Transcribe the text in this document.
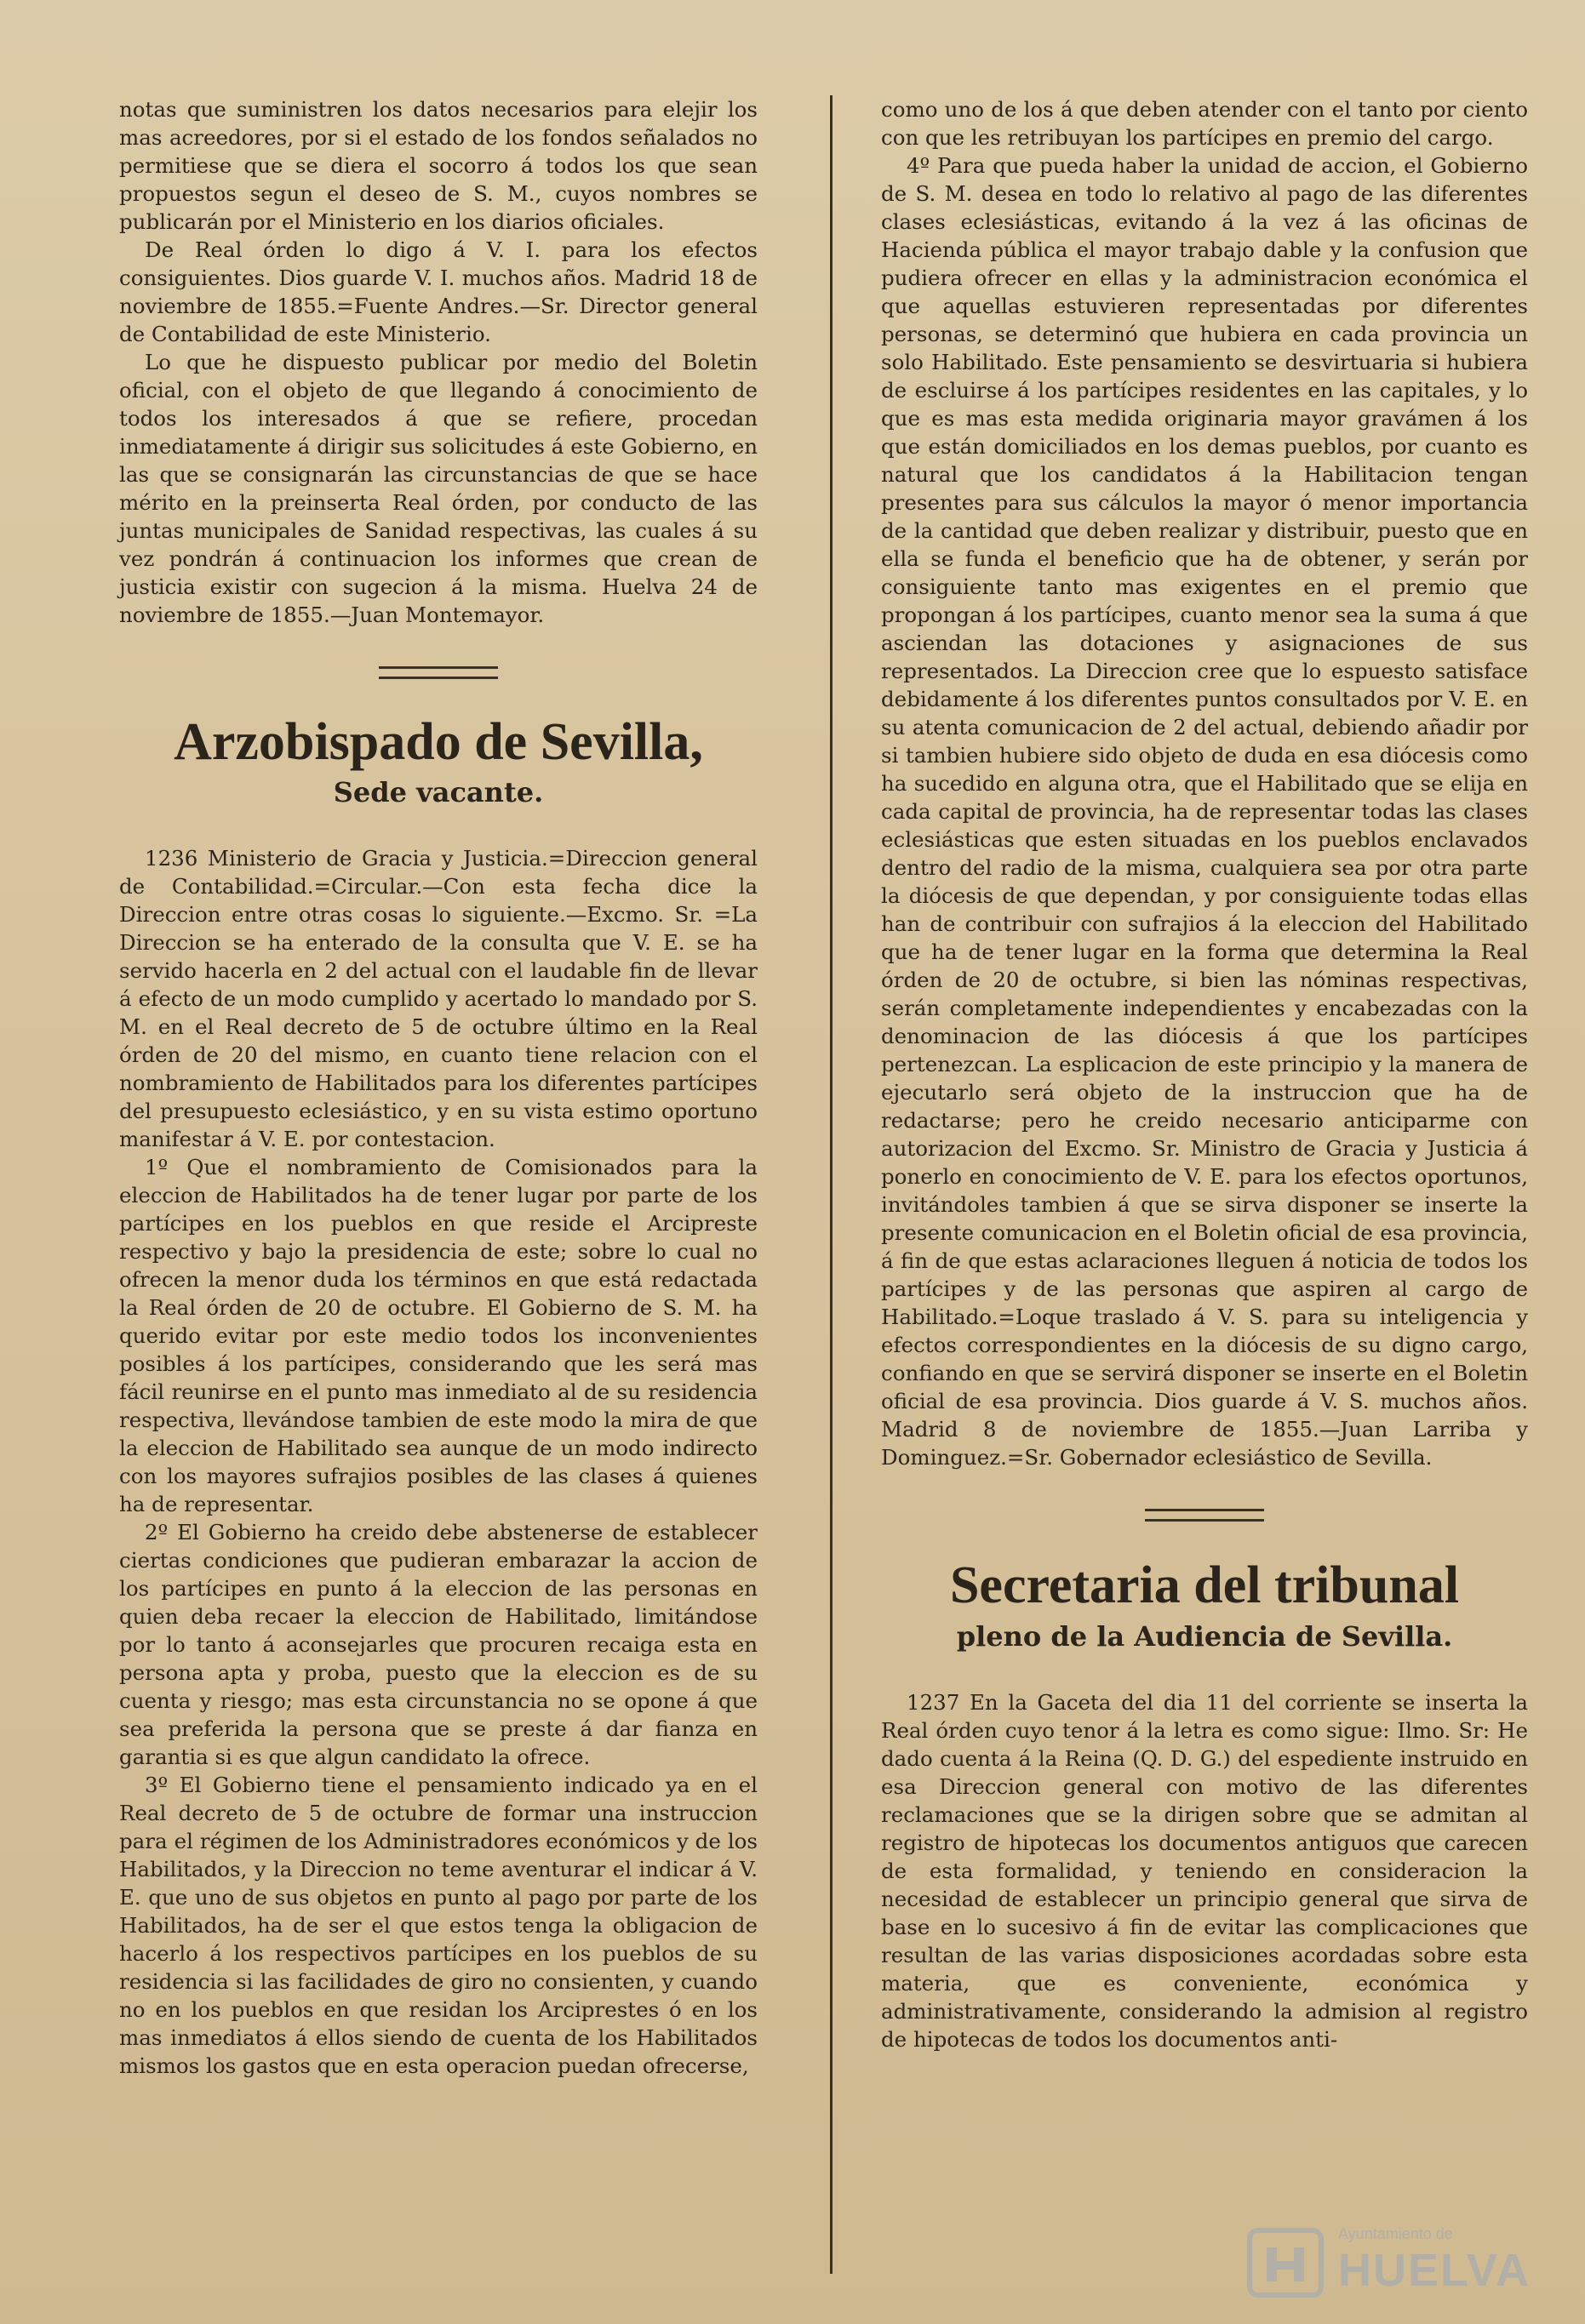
notas que suministren los datos necesarios para elejir los mas acreedores, por si el estado de los fondos señalados no permitiese que se diera el socorro á todos los que sean propuestos segun el deseo de S. M., cuyos nombres se publicarán por el Ministerio en los diarios oficiales.

De Real órden lo digo á V. I. para los efectos consiguientes. Dios guarde V. I. muchos años. Madrid 18 de noviembre de 1855.=Fuente Andres.—Sr. Director general de Contabilidad de este Ministerio.

Lo que he dispuesto publicar por medio del Boletin oficial, con el objeto de que llegando á conocimiento de todos los interesados á que se refiere, procedan inmediatamente á dirigir sus solicitudes á este Gobierno, en las que se consignarán las circunstancias de que se hace mérito en la preinserta Real órden, por conducto de las juntas municipales de Sanidad respectivas, las cuales á su vez pondrán á continuacion los informes que crean de justicia existir con sugecion á la misma. Huelva 24 de noviembre de 1855.—Juan Montemayor.

Arzobispado de Sevilla,
Sede vacante.

1236 Ministerio de Gracia y Justicia.=Direccion general de Contabilidad.=Circular.—Con esta fecha dice la Direccion entre otras cosas lo siguiente.—Excmo. Sr. =La Direccion se ha enterado de la consulta que V. E. se ha servido hacerla en 2 del actual con el laudable fin de llevar á efecto de un modo cumplido y acertado lo mandado por S. M. en el Real decreto de 5 de octubre último en la Real órden de 20 del mismo, en cuanto tiene relacion con el nombramiento de Habilitados para los diferentes partícipes del presupuesto eclesiástico, y en su vista estimo oportuno manifestar á V. E. por contestacion.

1º Que el nombramiento de Comisionados para la eleccion de Habilitados ha de tener lugar por parte de los partícipes en los pueblos en que reside el Arcipreste respectivo y bajo la presidencia de este; sobre lo cual no ofrecen la menor duda los términos en que está redactada la Real órden de 20 de octubre. El Gobierno de S. M. ha querido evitar por este medio todos los inconvenientes posibles á los partícipes, considerando que les será mas fácil reunirse en el punto mas inmediato al de su residencia respectiva, llevándose tambien de este modo la mira de que la eleccion de Habilitado sea aunque de un modo indirecto con los mayores sufrajios posibles de las clases á quienes ha de representar.

2º El Gobierno ha creido debe abstenerse de establecer ciertas condiciones que pudieran embarazar la accion de los partícipes en punto á la eleccion de las personas en quien deba recaer la eleccion de Habilitado, limitándose por lo tanto á aconsejarles que procuren recaiga esta en persona apta y proba, puesto que la eleccion es de su cuenta y riesgo; mas esta circunstancia no se opone á que sea preferida la persona que se preste á dar fianza en garantia si es que algun candidato la ofrece.

3º El Gobierno tiene el pensamiento indicado ya en el Real decreto de 5 de octubre de formar una instruccion para el régimen de los Administradores económicos y de los Habilitados, y la Direccion no teme aventurar el indicar á V. E. que uno de sus objetos en punto al pago por parte de los Habilitados, ha de ser el que estos tenga la obligacion de hacerlo á los respectivos partícipes en los pueblos de su residencia si las facilidades de giro no consienten, y cuando no en los pueblos en que residan los Arciprestes ó en los mas inmediatos á ellos siendo de cuenta de los Habilitados mismos los gastos que en esta operacion puedan ofrecerse,

como uno de los á que deben atender con el tanto por ciento con que les retribuyan los partícipes en premio del cargo.

4º Para que pueda haber la unidad de accion, el Gobierno de S. M. desea en todo lo relativo al pago de las diferentes clases eclesiásticas, evitando á la vez á las oficinas de Hacienda pública el mayor trabajo dable y la confusion que pudiera ofrecer en ellas y la administracion económica el que aquellas estuvieren representadas por diferentes personas, se determinó que hubiera en cada provincia un solo Habilitado. Este pensamiento se desvirtuaria si hubiera de escluirse á los partícipes residentes en las capitales, y lo que es mas esta medida originaria mayor gravámen á los que están domiciliados en los demas pueblos, por cuanto es natural que los candidatos á la Habilitacion tengan presentes para sus cálculos la mayor ó menor importancia de la cantidad que deben realizar y distribuir, puesto que en ella se funda el beneficio que ha de obtener, y serán por consiguiente tanto mas exigentes en el premio que propongan á los partícipes, cuanto menor sea la suma á que asciendan las dotaciones y asignaciones de sus representados. La Direccion cree que lo espuesto satisface debidamente á los diferentes puntos consultados por V. E. en su atenta comunicacion de 2 del actual, debiendo añadir por si tambien hubiere sido objeto de duda en esa diócesis como ha sucedido en alguna otra, que el Habilitado que se elija en cada capital de provincia, ha de representar todas las clases eclesiásticas que esten situadas en los pueblos enclavados dentro del radio de la misma, cualquiera sea por otra parte la diócesis de que dependan, y por consiguiente todas ellas han de contribuir con sufrajios á la eleccion del Habilitado que ha de tener lugar en la forma que determina la Real órden de 20 de octubre, si bien las nóminas respectivas, serán completamente independientes y encabezadas con la denominacion de las diócesis á que los partícipes pertenezcan. La esplicacion de este principio y la manera de ejecutarlo será objeto de la instruccion que ha de redactarse; pero he creido necesario anticiparme con autorizacion del Excmo. Sr. Ministro de Gracia y Justicia á ponerlo en conocimiento de V. E. para los efectos oportunos, invitándoles tambien á que se sirva disponer se inserte la presente comunicacion en el Boletin oficial de esa provincia, á fin de que estas aclaraciones lleguen á noticia de todos los partícipes y de las personas que aspiren al cargo de Habilitado.=Loque traslado á V. S. para su inteligencia y efectos correspondientes en la diócesis de su digno cargo, confiando en que se servirá disponer se inserte en el Boletin oficial de esa provincia. Dios guarde á V. S. muchos años. Madrid 8 de noviembre de 1855.—Juan Larriba y Dominguez.=Sr. Gobernador eclesiástico de Sevilla.

Secretaria del tribunal
pleno de la Audiencia de Sevilla.

1237 En la Gaceta del dia 11 del corriente se inserta la Real órden cuyo tenor á la letra es como sigue: Ilmo. Sr: He dado cuenta á la Reina (Q. D. G.) del espediente instruido en esa Direccion general con motivo de las diferentes reclamaciones que se la dirigen sobre que se admitan al registro de hipotecas los documentos antiguos que carecen de esta formalidad, y teniendo en consideracion la necesidad de establecer un principio general que sirva de base en lo sucesivo á fin de evitar las complicaciones que resultan de las varias disposiciones acordadas sobre esta materia, que es conveniente, económica y administrativamente, considerando la admision al registro de hipotecas de todos los documentos anti-

Ayuntamiento de
HUELVA
